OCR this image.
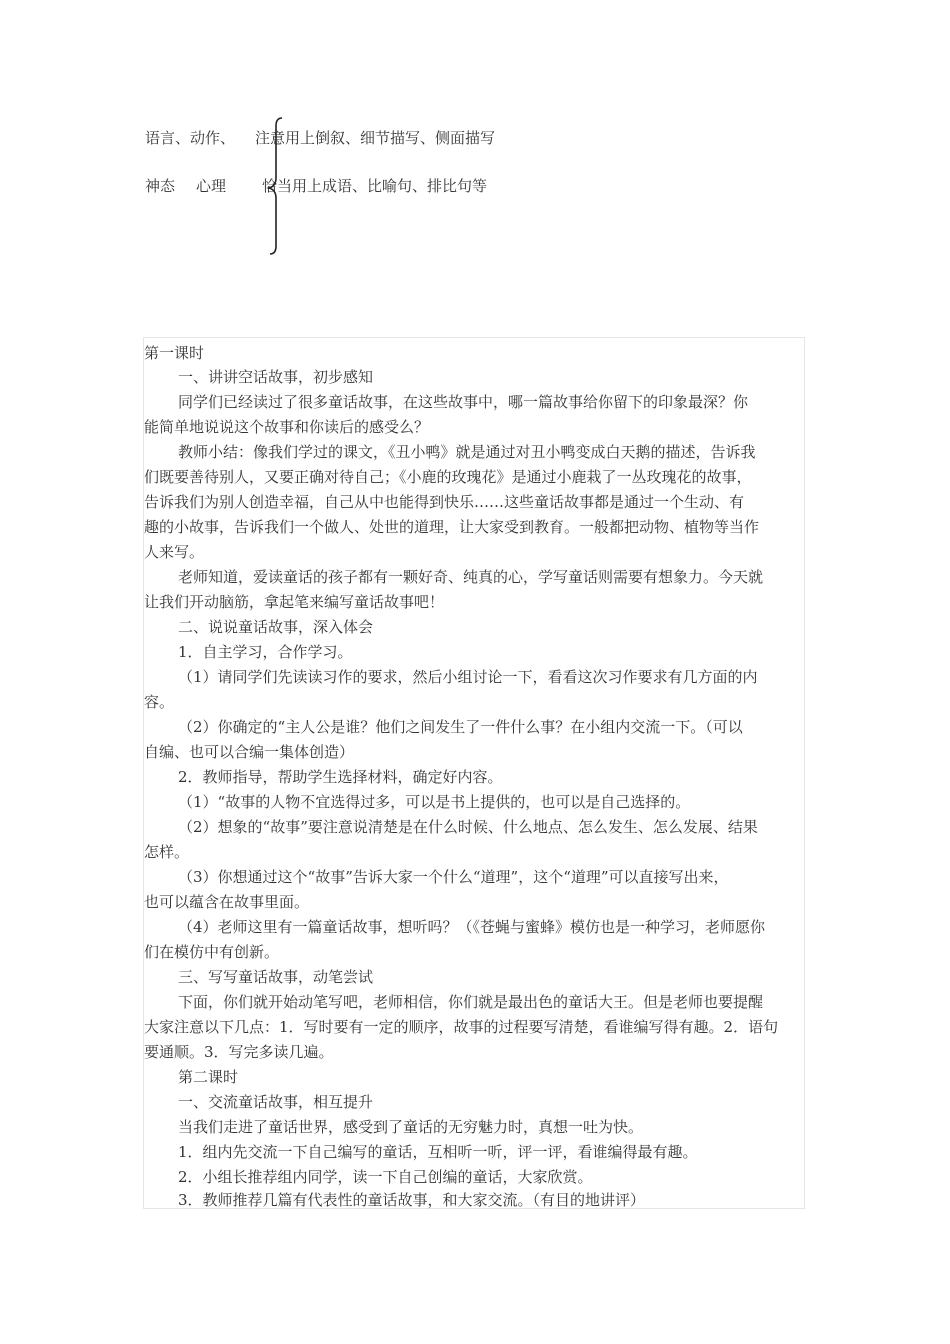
语言、动作、 注意用上倒叙、细节描写、侧面描写
神态 心理 恰当用上成语、比喻句、排比句等
第一课时
一、讲讲空话故事，初步感知
同学们已经读过了很多童话故事，在这些故事中，哪一篇故事给你留下的印象最深？你
能简单地说说这个故事和你读后的感受么？
教师小结：像我们学过的课文，《丑小鸭》就是通过对丑小鸭变成白天鹅的描述，告诉我
们既要善待别人，又要正确对待自己；《小鹿的玫瑰花》是通过小鹿栽了一丛玫瑰花的故事，
告诉我们为别人创造幸福，自己从中也能得到快乐……这些童话故事都是通过一个生动、有
趣的小故事，告诉我们一个做人、处世的道理，让大家受到教育。一般都把动物、植物等当作
人来写。
老师知道，爱读童话的孩子都有一颗好奇、纯真的心，学写童话则需要有想象力。今天就
让我们开动脑筋，拿起笔来编写童话故事吧！
二、说说童话故事，深入体会
1．自主学习，合作学习。
（1）请同学们先读读习作的要求，然后小组讨论一下，看看这次习作要求有几方面的内
容。
（2）你确定的“主人公是谁？他们之间发生了一件什么事？在小组内交流一下。（可以
自编、也可以合编一集体创造）
2．教师指导，帮助学生选择材料，确定好内容。
（1）“故事的人物不宜选得过多，可以是书上提供的，也可以是自己选择的。
（2）想象的“故事”要注意说清楚是在什么时候、什么地点、怎么发生、怎么发展、结果
怎样。
（3）你想通过这个“故事”告诉大家一个什么“道理”，这个“道理”可以直接写出来，
也可以蕴含在故事里面。
（4）老师这里有一篇童话故事，想听吗？（《苍蝇与蜜蜂》模仿也是一种学习，老师愿你
们在模仿中有创新。
三、写写童话故事，动笔尝试
下面，你们就开始动笔写吧，老师相信，你们就是最出色的童话大王。但是老师也要提醒
大家注意以下几点：1．写时要有一定的顺序，故事的过程要写清楚，看谁编写得有趣。2．语句
要通顺。3．写完多读几遍。
第二课时
一、交流童话故事，相互提升
当我们走进了童话世界，感受到了童话的无穷魅力时，真想一吐为快。
1．组内先交流一下自己编写的童话，互相听一听，评一评，看谁编得最有趣。
2．小组长推荐组内同学，读一下自己创编的童话，大家欣赏。
3．教师推荐几篇有代表性的童话故事，和大家交流。（有目的地讲评）
